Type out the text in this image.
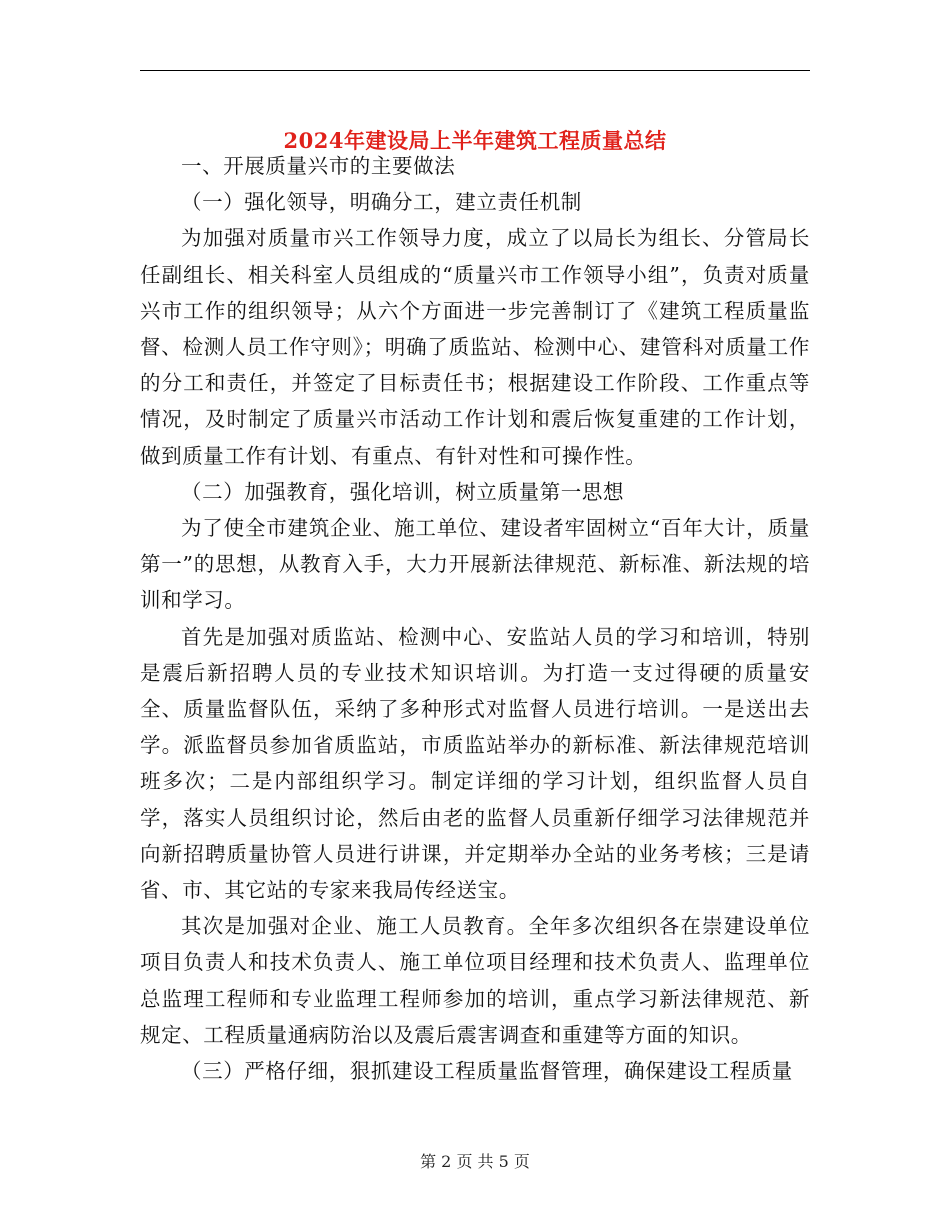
2024年建设局上半年建筑工程质量总结

一、开展质量兴市的主要做法

（一）强化领导，明确分工，建立责任机制

为加强对质量市兴工作领导力度，成立了以局长为组长、分管局长任副组长、相关科室人员组成的“质量兴市工作领导小组”，负责对质量兴市工作的组织领导；从六个方面进一步完善制订了《建筑工程质量监督、检测人员工作守则》；明确了质监站、检测中心、建管科对质量工作的分工和责任，并签定了目标责任书；根据建设工作阶段、工作重点等情况，及时制定了质量兴市活动工作计划和震后恢复重建的工作计划，做到质量工作有计划、有重点、有针对性和可操作性。

（二）加强教育，强化培训，树立质量第一思想

为了使全市建筑企业、施工单位、建设者牢固树立“百年大计，质量第一”的思想，从教育入手，大力开展新法律规范、新标准、新法规的培训和学习。

首先是加强对质监站、检测中心、安监站人员的学习和培训，特别是震后新招聘人员的专业技术知识培训。为打造一支过得硬的质量安全、质量监督队伍，采纳了多种形式对监督人员进行培训。一是送出去学。派监督员参加省质监站，市质监站举办的新标准、新法律规范培训班多次；二是内部组织学习。制定详细的学习计划，组织监督人员自学，落实人员组织讨论，然后由老的监督人员重新仔细学习法律规范并向新招聘质量协管人员进行讲课，并定期举办全站的业务考核；三是请省、市、其它站的专家来我局传经送宝。

其次是加强对企业、施工人员教育。全年多次组织各在崇建设单位项目负责人和技术负责人、施工单位项目经理和技术负责人、监理单位总监理工程师和专业监理工程师参加的培训，重点学习新法律规范、新规定、工程质量通病防治以及震后震害调查和重建等方面的知识。

（三）严格仔细，狠抓建设工程质量监督管理，确保建设工程质量

第 2 页 共 5 页
